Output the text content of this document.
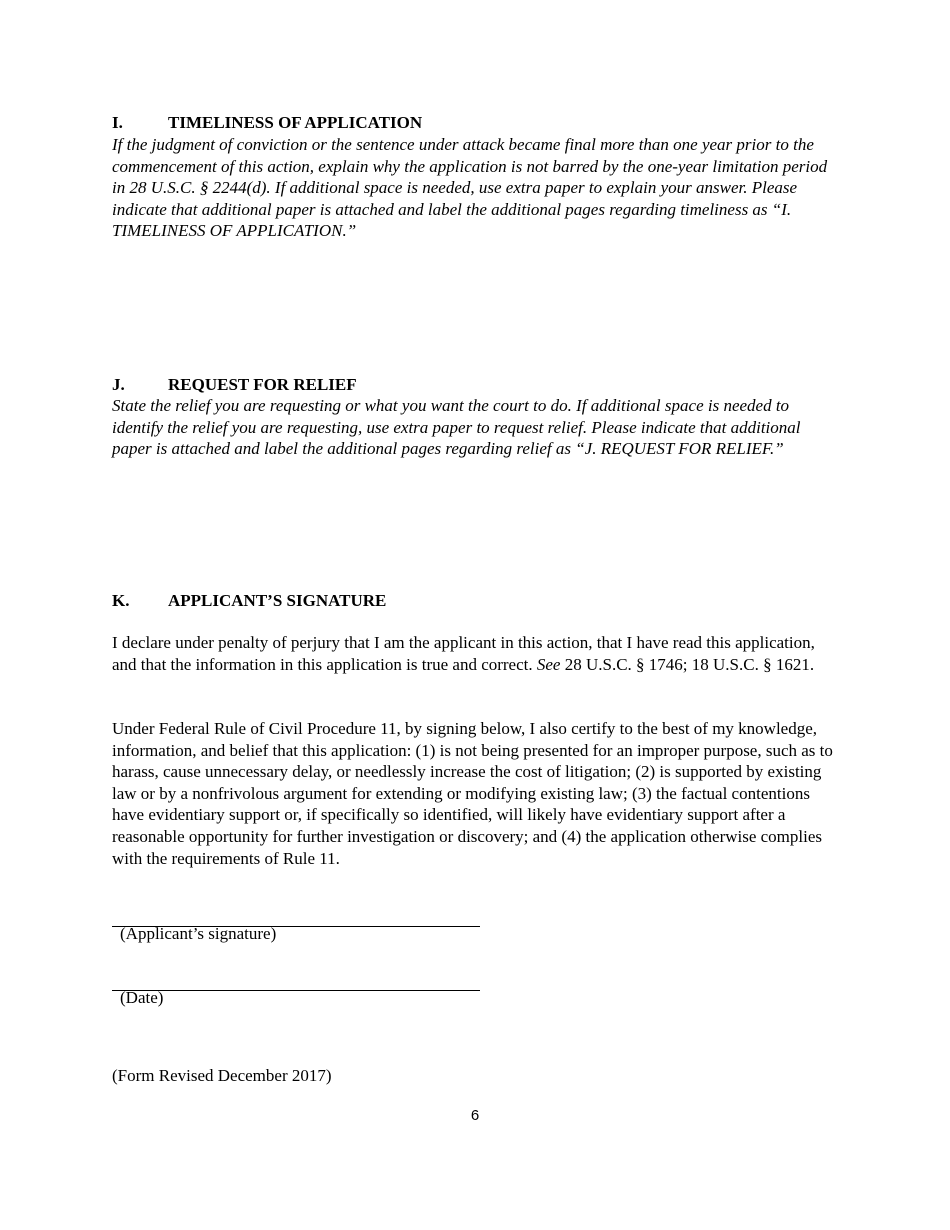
I.	TIMELINESS OF APPLICATION
If the judgment of conviction or the sentence under attack became final more than one year prior to the commencement of this action, explain why the application is not barred by the one-year limitation period in 28 U.S.C. § 2244(d). If additional space is needed, use extra paper to explain your answer. Please indicate that additional paper is attached and label the additional pages regarding timeliness as “I. TIMELINESS OF APPLICATION.”
J.	REQUEST FOR RELIEF
State the relief you are requesting or what you want the court to do. If additional space is needed to identify the relief you are requesting, use extra paper to request relief. Please indicate that additional paper is attached and label the additional pages regarding relief as “J. REQUEST FOR RELIEF.”
K. APPLICANT’S SIGNATURE
I declare under penalty of perjury that I am the applicant in this action, that I have read this application, and that the information in this application is true and correct. See 28 U.S.C. § 1746; 18 U.S.C. § 1621.
Under Federal Rule of Civil Procedure 11, by signing below, I also certify to the best of my knowledge, information, and belief that this application: (1) is not being presented for an improper purpose, such as to harass, cause unnecessary delay, or needlessly increase the cost of litigation; (2) is supported by existing law or by a nonfrivolous argument for extending or modifying existing law; (3) the factual contentions have evidentiary support or, if specifically so identified, will likely have evidentiary support after a reasonable opportunity for further investigation or discovery; and (4) the application otherwise complies with the requirements of Rule 11.
(Applicant’s signature)
(Date)
(Form Revised December 2017)
6
